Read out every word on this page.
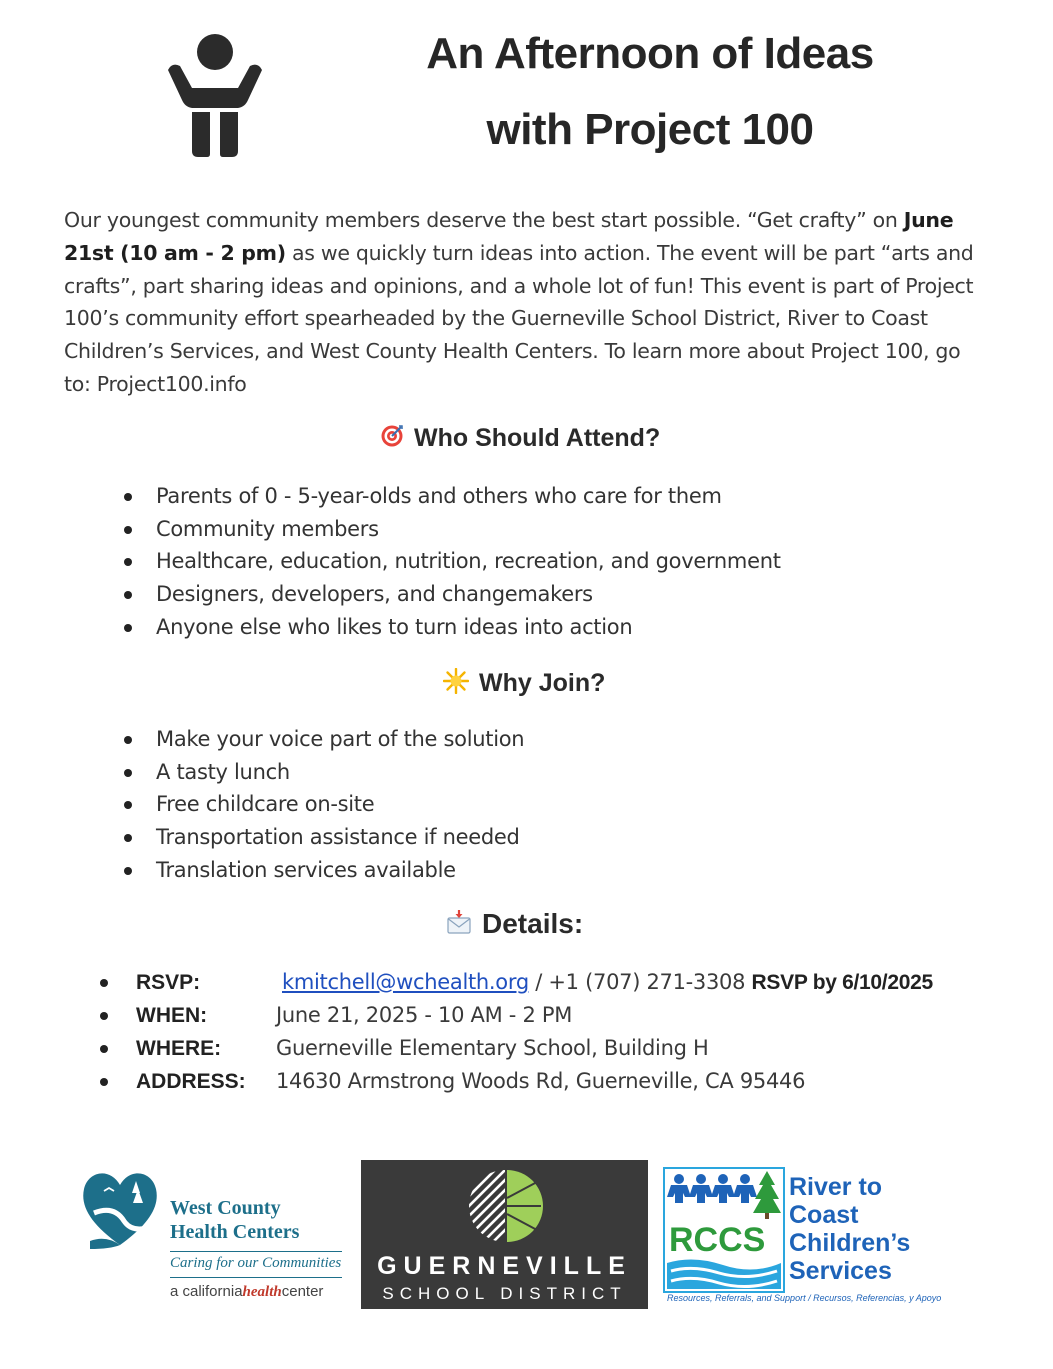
An Afternoon of Ideas
with Project 100
Our youngest community members deserve the best start possible. “Get crafty” on June 21st (10 am - 2 pm) as we quickly turn ideas into action. The event will be part “arts and crafts”, part sharing ideas and opinions, and a whole lot of fun! This event is part of Project 100’s community effort spearheaded by the Guerneville School District, River to Coast Children’s Services, and West County Health Centers. To learn more about Project 100, go to: Project100.info
Who Should Attend?
Parents of 0 - 5-year-olds and others who care for them
Community members
Healthcare, education, nutrition, recreation, and government
Designers, developers, and changemakers
Anyone else who likes to turn ideas into action
Why Join?
Make your voice part of the solution
A tasty lunch
Free childcare on-site
Transportation assistance if needed
Translation services available
Details:
RSVP:	kmitchell@wchealth.org / +1 (707) 271-3308 RSVP by 6/10/2025
WHEN:	June 21, 2025 - 10 AM - 2 PM
WHERE:	Guerneville Elementary School, Building H
ADDRESS: 14630 Armstrong Woods Rd, Guerneville, CA 95446
West County
Health Centers
Caring for our Communities
a californiahealthcenter
GUERNEVILLE
SCHOOL DISTRICT
RCCS
River to
Coast
Children’s
Services
Resources, Referrals, and Support / Recursos, Referencias, y Apoyo
